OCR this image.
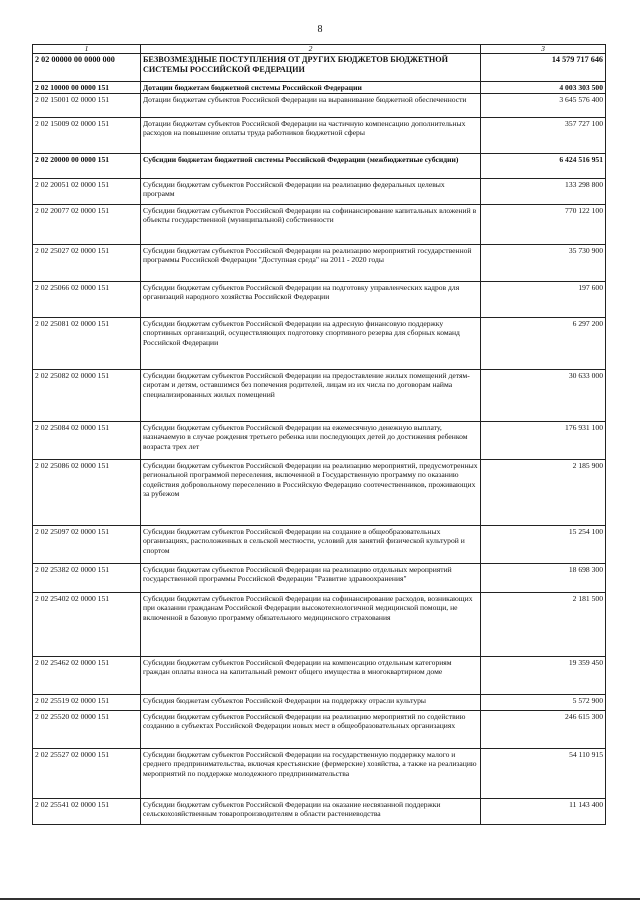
8
1	2	3
2 02 00000 00 0000 000	БЕЗВОЗМЕЗДНЫЕ ПОСТУПЛЕНИЯ ОТ ДРУГИХ БЮДЖЕТОВ БЮДЖЕТНОЙ СИСТЕМЫ РОССИЙСКОЙ ФЕДЕРАЦИИ	14 579 717 646
2 02 10000 00 0000 151	Дотации бюджетам бюджетной системы Российской Федерации	4 003 303 500
2 02 15001 02 0000 151	Дотации бюджетам субъектов Российской Федерации на выравнивание бюджетной обеспеченности	3 645 576 400
2 02 15009 02 0000 151	Дотации бюджетам субъектов Российской Федерации на частичную компенсацию дополнительных расходов на повышение оплаты труда работников бюджетной сферы	357 727 100
2 02 20000 00 0000 151	Субсидии бюджетам бюджетной системы Российской Федерации (межбюджетные субсидии)	6 424 516 951
2 02 20051 02 0000 151	Субсидии бюджетам субъектов Российской Федерации на реализацию федеральных целевых программ	133 298 800
2 02 20077 02 0000 151	Субсидии бюджетам субъектов Российской Федерации на софинансирование капитальных вложений в объекты государственной (муниципальной) собственности	770 122 100
2 02 25027 02 0000 151	Субсидии бюджетам субъектов Российской Федерации на реализацию мероприятий государственной программы Российской Федерации "Доступная среда" на 2011 - 2020 годы	35 730 900
2 02 25066 02 0000 151	Субсидии бюджетам субъектов Российской Федерации на подготовку управленческих кадров для организаций народного хозяйства Российской Федерации	197 600
2 02 25081 02 0000 151	Субсидии бюджетам субъектов Российской Федерации на адресную финансовую поддержку спортивных организаций, осуществляющих подготовку спортивного резерва для сборных команд Российской Федерации	6 297 200
2 02 25082 02 0000 151	Субсидии бюджетам субъектов Российской Федерации на предоставление жилых помещений детям-сиротам и детям, оставшимся без попечения родителей, лицам из их числа по договорам найма специализированных жилых помещений	30 633 000
2 02 25084 02 0000 151	Субсидии бюджетам субъектов Российской Федерации на ежемесячную денежную выплату, назначаемую в случае рождения третьего ребенка или последующих детей до достижения ребенком возраста трех лет	176 931 100
2 02 25086 02 0000 151	Субсидии бюджетам субъектов Российской Федерации на реализацию мероприятий, предусмотренных региональной программой переселения, включенной в Государственную программу по оказанию содействия добровольному переселению в Российскую Федерацию соотечественников, проживающих за рубежом	2 185 900
2 02 25097 02 0000 151	Субсидии бюджетам субъектов Российской Федерации на создание в общеобразовательных организациях, расположенных в сельской местности, условий для занятий физической культурой и спортом	15 254 100
2 02 25382 02 0000 151	Субсидии бюджетам субъектов Российской Федерации на реализацию отдельных мероприятий государственной программы Российской Федерации "Развитие здравоохранения"	18 698 300
2 02 25402 02 0000 151	Субсидии бюджетам субъектов Российской Федерации на софинансирование расходов, возникающих при оказании гражданам Российской Федерации высокотехнологичной медицинской помощи, не включенной в базовую программу обязательного медицинского страхования	2 181 500
2 02 25462 02 0000 151	Субсидии бюджетам субъектов Российской Федерации на компенсацию отдельным категориям граждан оплаты взноса на капитальный ремонт общего имущества в многоквартирном доме	19 359 450
2 02 25519 02 0000 151	Субсидия бюджетам субъектов Российской Федерации на поддержку отрасли культуры	5 572 900
2 02 25520 02 0000 151	Субсидии бюджетам субъектов Российской Федерации на реализацию мероприятий по содействию созданию в субъектах Российской Федерации новых мест в общеобразовательных организациях	246 615 300
2 02 25527 02 0000 151	Субсидии бюджетам субъектов Российской Федерации на государственную поддержку малого и среднего предпринимательства, включая крестьянские (фермерские) хозяйства, а также на реализацию мероприятий по поддержке молодежного предпринимательства	54 110 915
2 02 25541 02 0000 151	Субсидии бюджетам субъектов Российской Федерации на оказание несвязанной поддержки сельскохозяйственным товаропроизводителям в области растениеводства	11 143 400
